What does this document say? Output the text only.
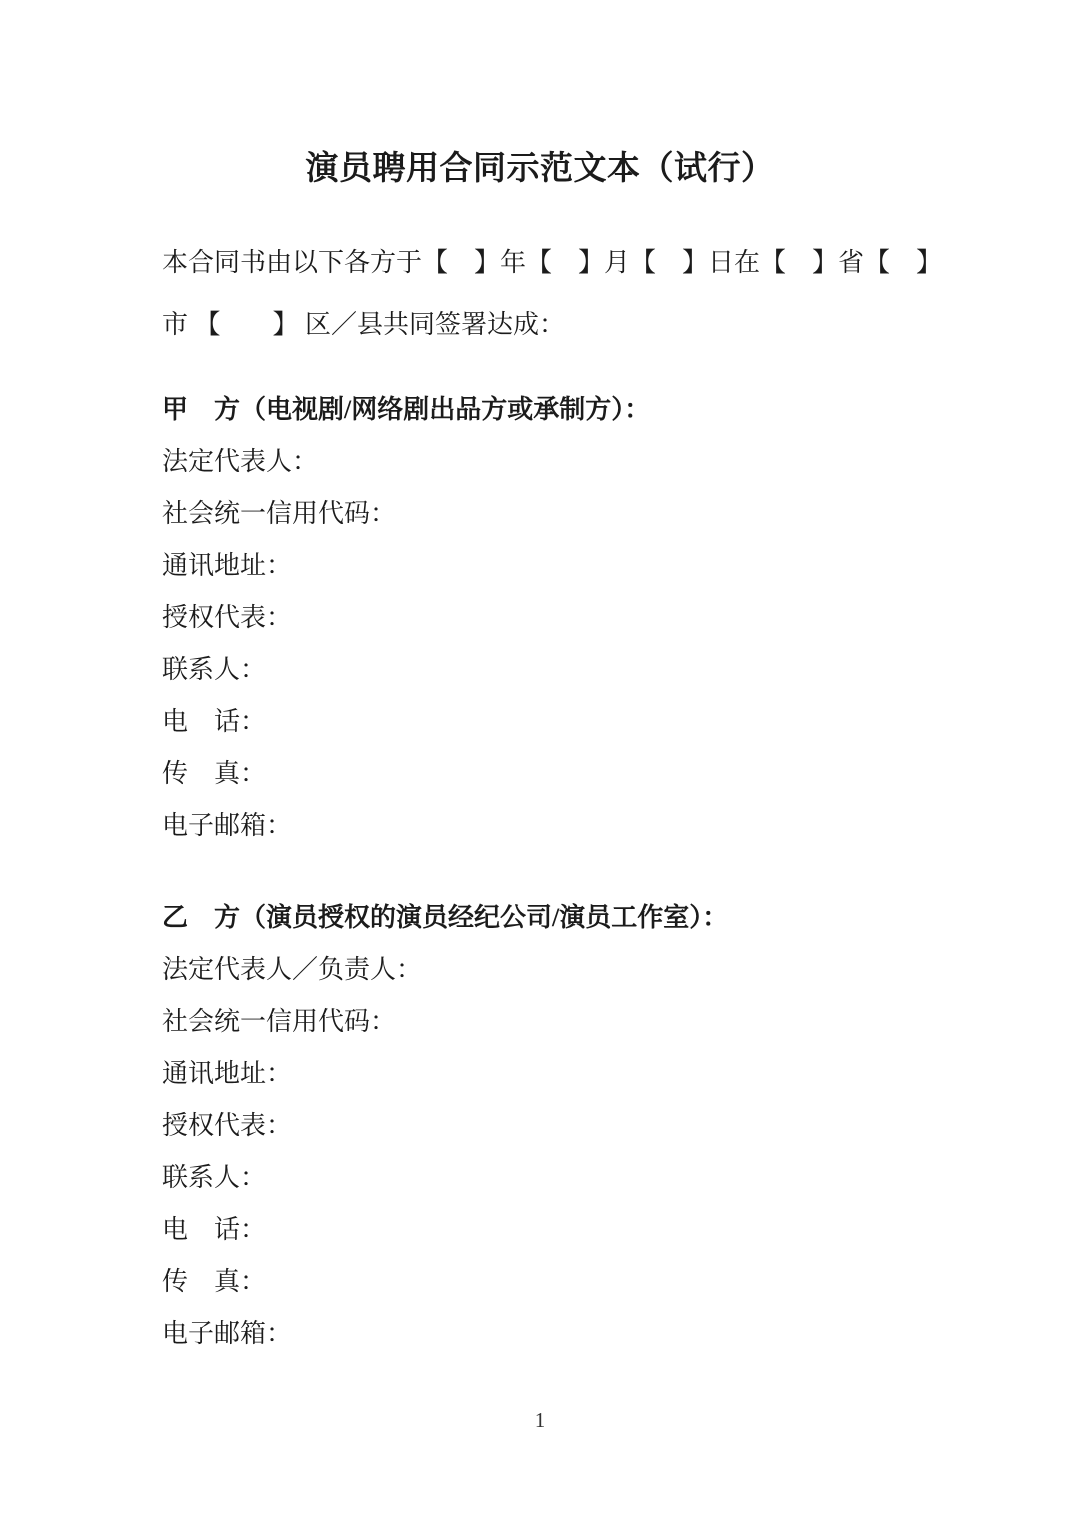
演员聘用合同示范文本（试行）
本合同书由以下各方于【　】年【　】月【　】日在【　】省【　】
市 【　　】 区／县共同签署达成：
甲　方（电视剧/网络剧出品方或承制方）：
法定代表人：
社会统一信用代码：
通讯地址：
授权代表：
联系人：
电　话：
传　真：
电子邮箱：
乙　方（演员授权的演员经纪公司/演员工作室）：
法定代表人／负责人：
社会统一信用代码：
通讯地址：
授权代表：
联系人：
电　话：
传　真：
电子邮箱：
1
